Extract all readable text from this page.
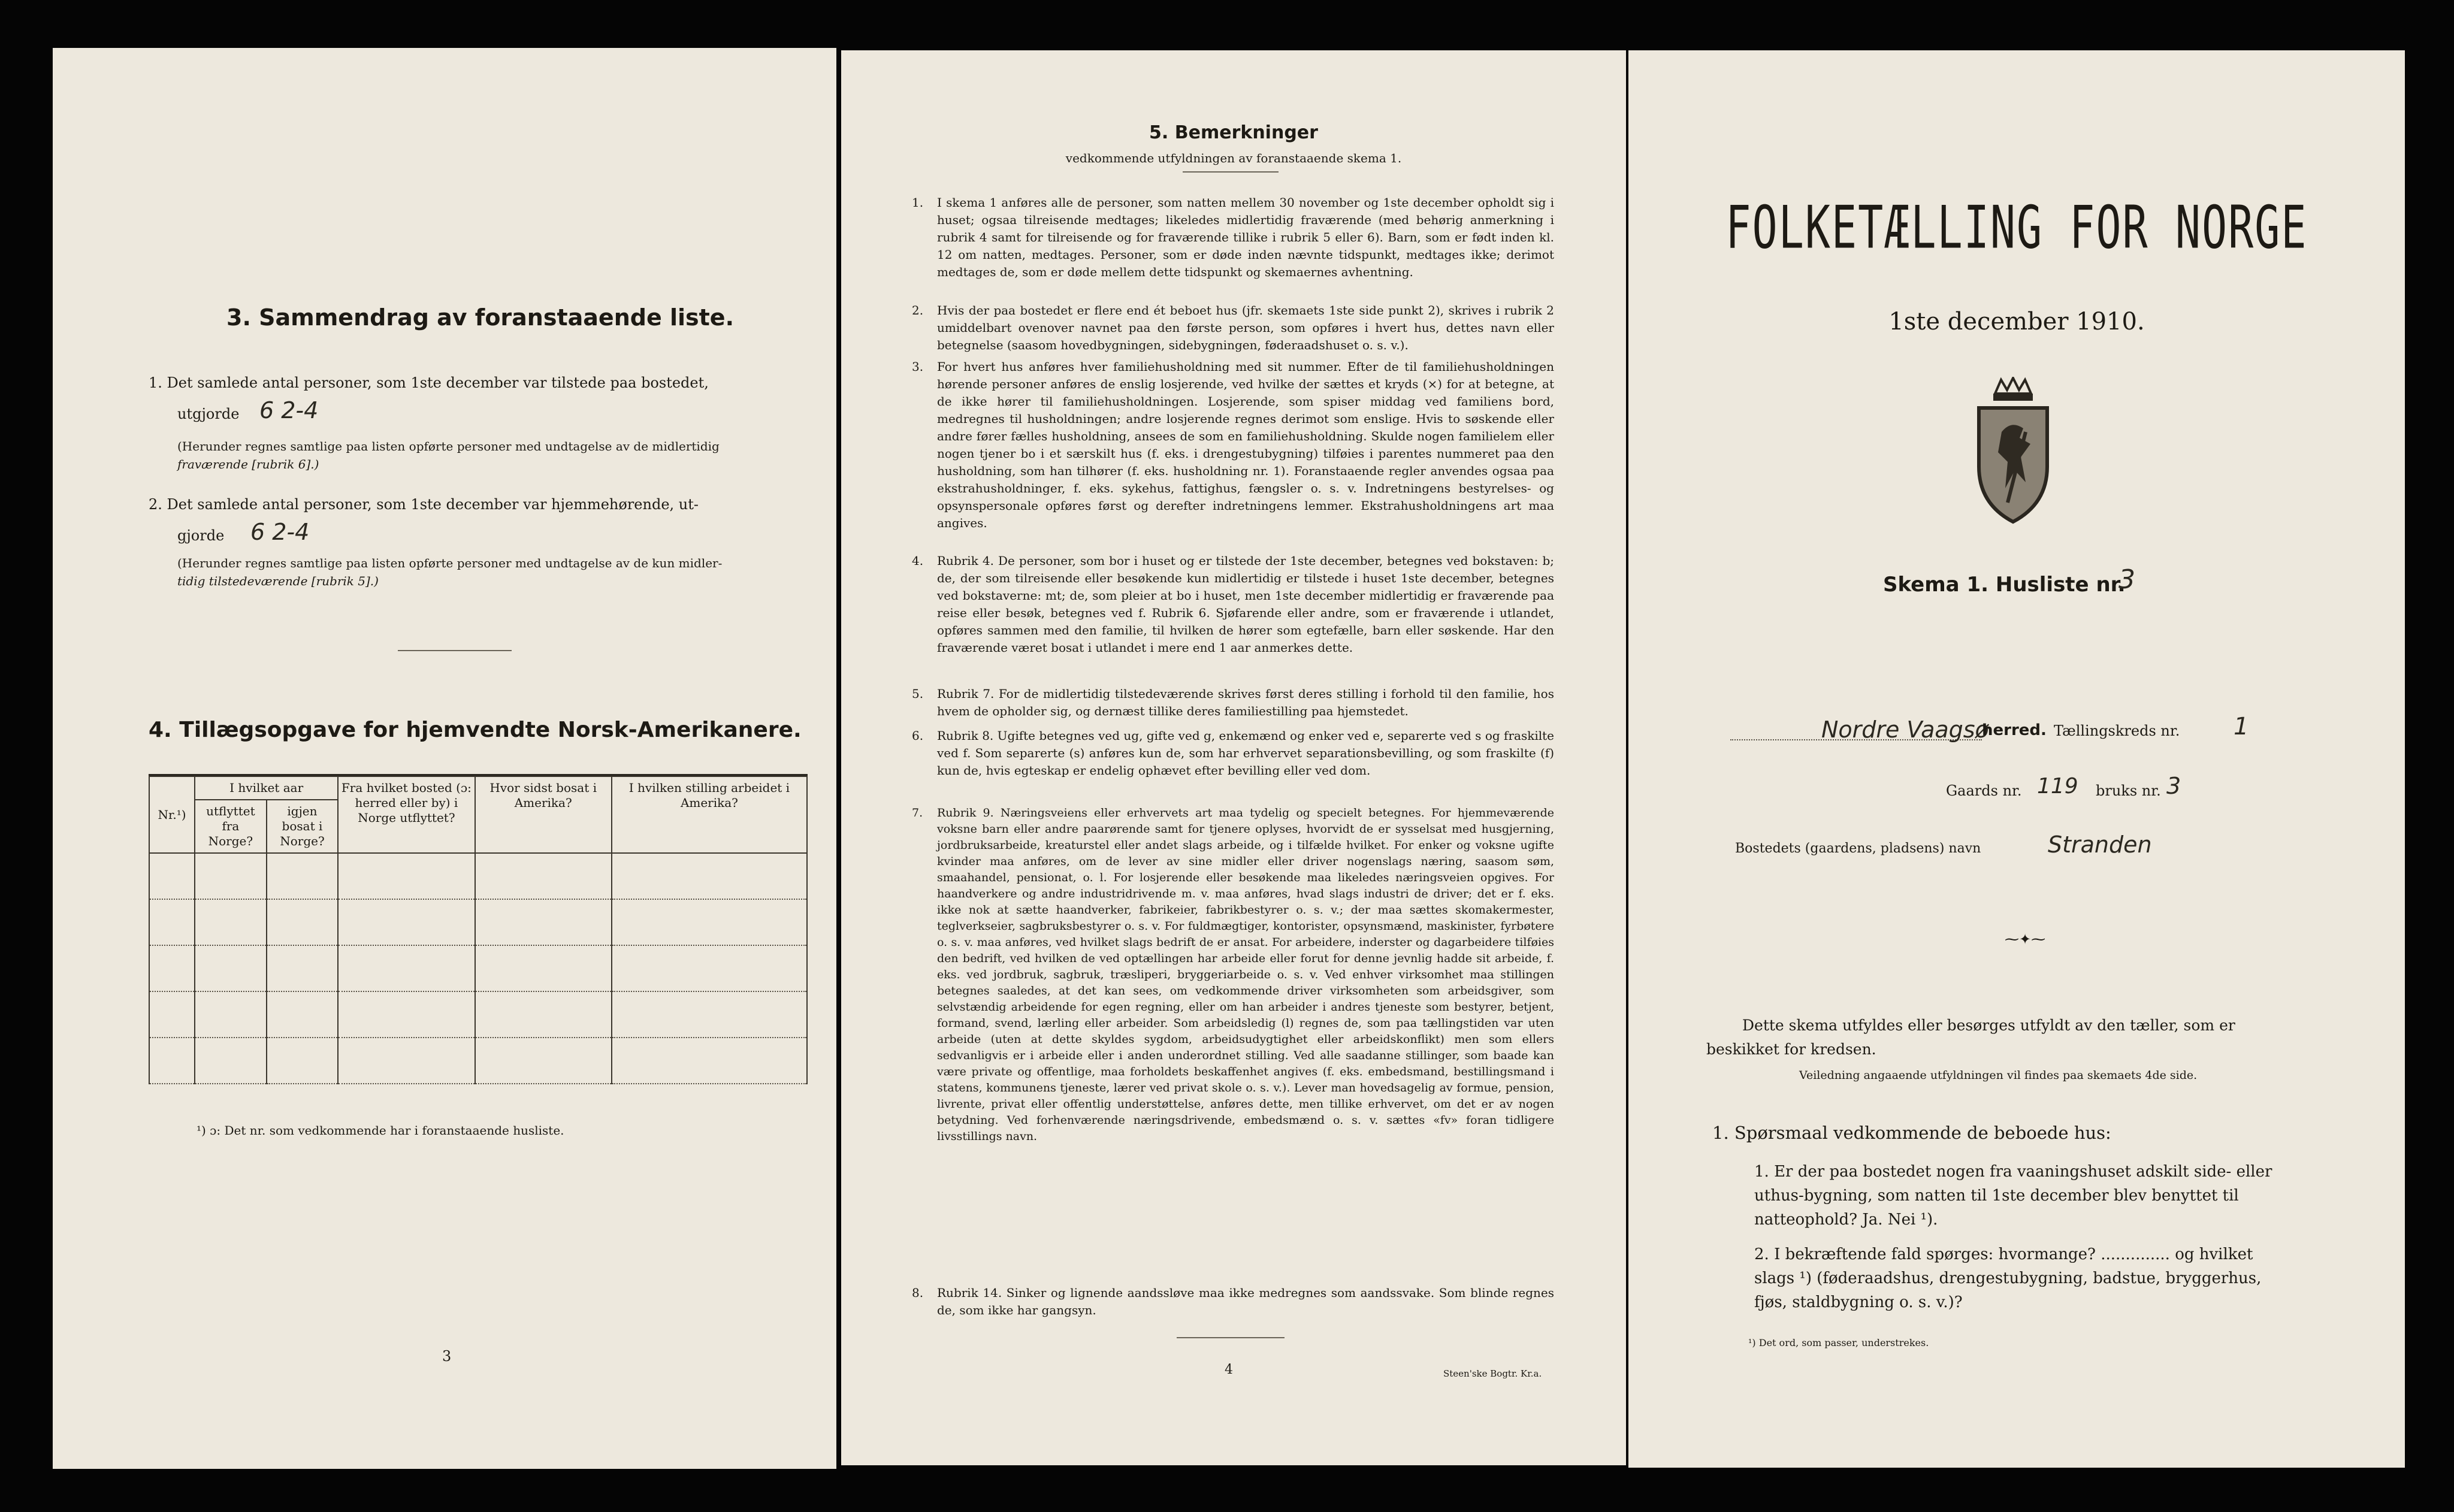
3. Sammendrag av foranstaaende liste.
1. Det samlede antal personer, som 1ste december var tilstede paa bostedet,
utgjorde 6 2-4
(Herunder regnes samtlige paa listen opførte personer med undtagelse av de midlertidig
fraværende [rubrik 6].)
2. Det samlede antal personer, som 1ste december var hjemmehørende, ut-
gjorde 6 2-4
(Herunder regnes samtlige paa listen opførte personer med undtagelse av de kun midler-
tidig tilstedeværende [rubrik 5].)
4. Tillægsopgave for hjemvendte Norsk-Amerikanere.
Nr.¹)	I hvilket aar		Fra hvilket bosted (ɔ: herred eller by) i Norge utflyttet?	Hvor sidst bosat i Amerika?	I hvilken stilling arbeidet i Amerika?
	utflyttet fra Norge?	igjen bosat i Norge?			

¹) ɔ: Det nr. som vedkommende har i foranstaaende husliste.
3
5. Bemerkninger
vedkommende utfyldningen av foranstaaende skema 1.
1. I skema 1 anføres alle de personer, som natten mellem 30 november og 1ste december opholdt sig i huset; ogsaa tilreisende medtages; likeledes midlertidig fraværende (med behørig anmerkning i rubrik 4 samt for tilreisende og for fraværende tillike i rubrik 5 eller 6). Barn, som er født inden kl. 12 om natten, medtages. Personer, som er døde inden nævnte tidspunkt, medtages ikke; derimot medtages de, som er døde mellem dette tidspunkt og skemaernes avhentning.
2. Hvis der paa bostedet er flere end ét beboet hus (jfr. skemaets 1ste side punkt 2), skrives i rubrik 2 umiddelbart ovenover navnet paa den første person, som opføres i hvert hus, dettes navn eller betegnelse (saasom hovedbygningen, sidebygningen, føderaadshuset o. s. v.).
3. For hvert hus anføres hver familiehusholdning med sit nummer. Efter de til familiehusholdningen hørende personer anføres de enslig losjerende, ved hvilke der sættes et kryds (×) for at betegne, at de ikke hører til familiehusholdningen. Losjerende, som spiser middag ved familiens bord, medregnes til husholdningen; andre losjerende regnes derimot som enslige. Hvis to søskende eller andre fører fælles husholdning, ansees de som en familiehusholdning. Skulde nogen familielem eller nogen tjener bo i et særskilt hus (f. eks. i drengestubygning) tilføies i parentes nummeret paa den husholdning, som han tilhører (f. eks. husholdning nr. 1). Foranstaaende regler anvendes ogsaa paa ekstrahusholdninger, f. eks. sykehus, fattighus, fængsler o. s. v. Indretningens bestyrelses- og opsynspersonale opføres først og derefter indretningens lemmer. Ekstrahusholdningens art maa angives.
4. Rubrik 4. De personer, som bor i huset og er tilstede der 1ste december, betegnes ved bokstaven: b; de, der som tilreisende eller besøkende kun midlertidig er tilstede i huset 1ste december, betegnes ved bokstaverne: mt; de, som pleier at bo i huset, men 1ste december midlertidig er fraværende paa reise eller besøk, betegnes ved f. Rubrik 6. Sjøfarende eller andre, som er fraværende i utlandet, opføres sammen med den familie, til hvilken de hører som egtefælle, barn eller søskende. Har den fraværende været bosat i utlandet i mere end 1 aar anmerkes dette.
5. Rubrik 7. For de midlertidig tilstedeværende skrives først deres stilling i forhold til den familie, hos hvem de opholder sig, og dernæst tillike deres familiestilling paa hjemstedet.
6. Rubrik 8. Ugifte betegnes ved ug, gifte ved g, enkemænd og enker ved e, separerte ved s og fraskilte ved f. Som separerte (s) anføres kun de, som har erhvervet separationsbevilling, og som fraskilte (f) kun de, hvis egteskap er endelig ophævet efter bevilling eller ved dom.
7. Rubrik 9. Næringsveiens eller erhvervets art maa tydelig og specielt betegnes. For hjemmeværende voksne barn eller andre paarørende samt for tjenere oplyses, hvorvidt de er sysselsat med husgjerning, jordbruksarbeide, kreaturstel eller andet slags arbeide, og i tilfælde hvilket. For enker og voksne ugifte kvinder maa anføres, om de lever av sine midler eller driver nogenslags næring, saasom søm, smaahandel, pensionat, o. l. For losjerende eller besøkende maa likeledes næringsveien opgives. For haandverkere og andre industridrivende m. v. maa anføres, hvad slags industri de driver; det er f. eks. ikke nok at sætte haandverker, fabrikeier, fabrikbestyrer o. s. v.; der maa sættes skomakermester, teglverkseier, sagbruksbestyrer o. s. v. For fuldmægtiger, kontorister, opsynsmænd, maskinister, fyrbøtere o. s. v. maa anføres, ved hvilket slags bedrift de er ansat. For arbeidere, inderster og dagarbeidere tilføies den bedrift, ved hvilken de ved optællingen har arbeide eller forut for denne jevnlig hadde sit arbeide, f. eks. ved jordbruk, sagbruk, træsliperi, bryggeriarbeide o. s. v. Ved enhver virksomhet maa stillingen betegnes saaledes, at det kan sees, om vedkommende driver virksomheten som arbeidsgiver, som selvstændig arbeidende for egen regning, eller om han arbeider i andres tjeneste som bestyrer, betjent, formand, svend, lærling eller arbeider. Som arbeidsledig (l) regnes de, som paa tællingstiden var uten arbeide (uten at dette skyldes sygdom, arbeidsudygtighet eller arbeidskonflikt) men som ellers sedvanligvis er i arbeide eller i anden underordnet stilling. Ved alle saadanne stillinger, som baade kan være private og offentlige, maa forholdets beskaffenhet angives (f. eks. embedsmand, bestillingsmand i statens, kommunens tjeneste, lærer ved privat skole o. s. v.). Lever man hovedsagelig av formue, pension, livrente, privat eller offentlig understøttelse, anføres dette, men tillike erhvervet, om det er av nogen betydning. Ved forhenværende næringsdrivende, embedsmænd o. s. v. sættes «fv» foran tidligere livsstillings navn.
8. Rubrik 14. Sinker og lignende aandssløve maa ikke medregnes som aandssvake. Som blinde regnes de, som ikke har gangsyn.
4	Steen'ske Bogtr. Kr.a.
FOLKETÆLLING FOR NORGE
1ste december 1910.
Skema 1. Husliste nr.
3
Nordre Vaagsø
herred. Tællingskreds nr. 1
Gaards nr. 119 bruks nr. 3
Bostedets (gaardens, pladsens) navn	Stranden
⁓✦⁓
Dette skema utfyldes eller besørges utfyldt av den tæller, som er beskikket for kredsen.
Veiledning angaaende utfyldningen vil findes paa skemaets 4de side.
1. Spørsmaal vedkommende de beboede hus:
1. Er der paa bostedet nogen fra vaaningshuset adskilt side- eller uthus-bygning, som natten til 1ste december blev benyttet til natteophold? Ja. Nei ¹).
2. I bekræftende fald spørges: hvormange? .............. og hvilket slags ¹) (føderaadshus, drengestubygning, badstue, bryggerhus, fjøs, staldbygning o. s. v.)?
¹) Det ord, som passer, understrekes.
